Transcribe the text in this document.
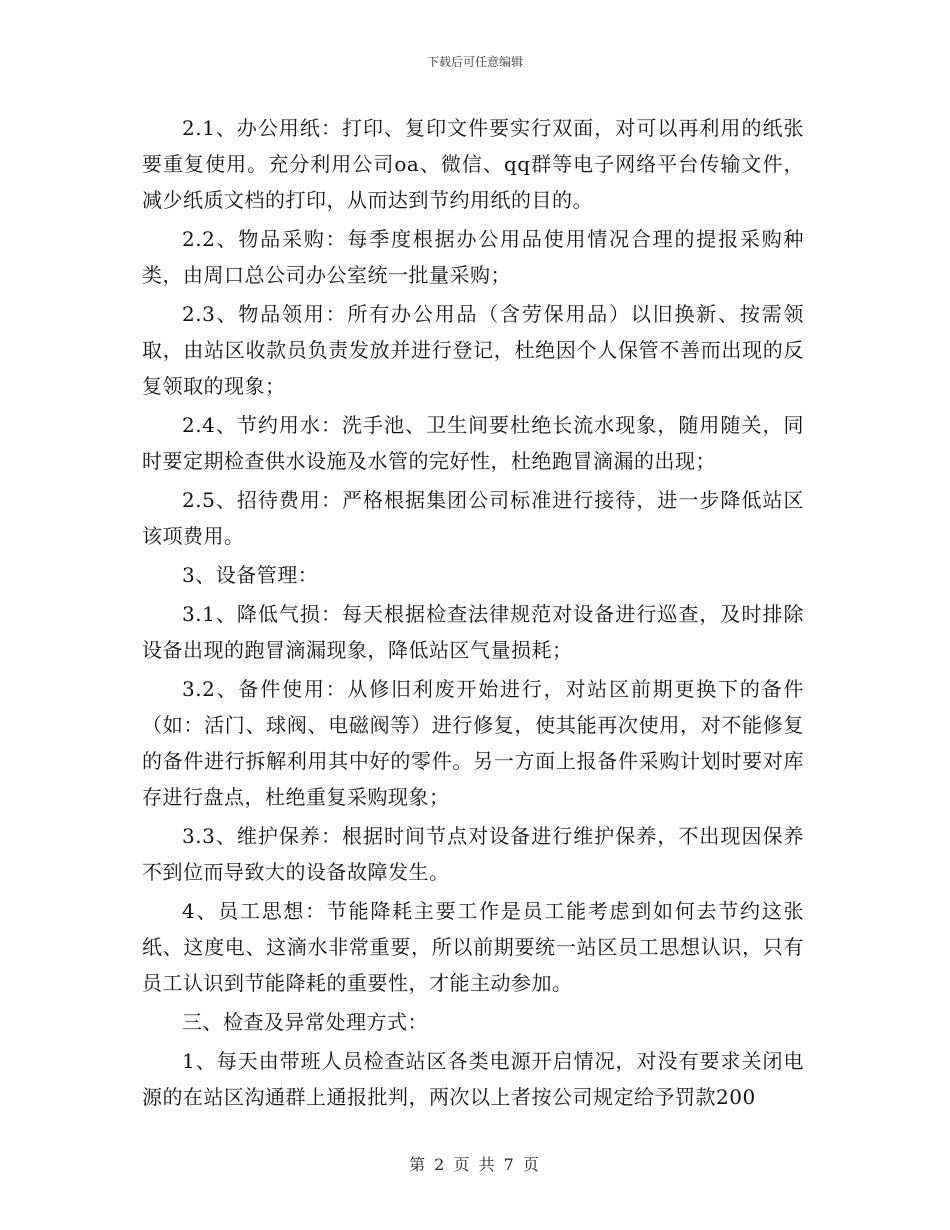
下载后可任意编辑

2.1、办公用纸：打印、复印文件要实行双面，对可以再利用的纸张要重复使用。充分利用公司oa、微信、qq群等电子网络平台传输文件，减少纸质文档的打印，从而达到节约用纸的目的。

2.2、物品采购：每季度根据办公用品使用情况合理的提报采购种类，由周口总公司办公室统一批量采购；

2.3、物品领用：所有办公用品（含劳保用品）以旧换新、按需领取，由站区收款员负责发放并进行登记，杜绝因个人保管不善而出现的反复领取的现象；

2.4、节约用水：洗手池、卫生间要杜绝长流水现象，随用随关，同时要定期检查供水设施及水管的完好性，杜绝跑冒滴漏的出现；

2.5、招待费用：严格根据集团公司标准进行接待，进一步降低站区该项费用。

3、设备管理：

3.1、降低气损：每天根据检查法律规范对设备进行巡查，及时排除设备出现的跑冒滴漏现象，降低站区气量损耗；

3.2、备件使用：从修旧利废开始进行，对站区前期更换下的备件（如：活门、球阀、电磁阀等）进行修复，使其能再次使用，对不能修复的备件进行拆解利用其中好的零件。另一方面上报备件采购计划时要对库存进行盘点，杜绝重复采购现象；

3.3、维护保养：根据时间节点对设备进行维护保养，不出现因保养不到位而导致大的设备故障发生。

4、员工思想：节能降耗主要工作是员工能考虑到如何去节约这张纸、这度电、这滴水非常重要，所以前期要统一站区员工思想认识，只有员工认识到节能降耗的重要性，才能主动参加。

三、检查及异常处理方式：

1、每天由带班人员检查站区各类电源开启情况，对没有要求关闭电源的在站区沟通群上通报批判，两次以上者按公司规定给予罚款200

第 2 页 共 7 页
